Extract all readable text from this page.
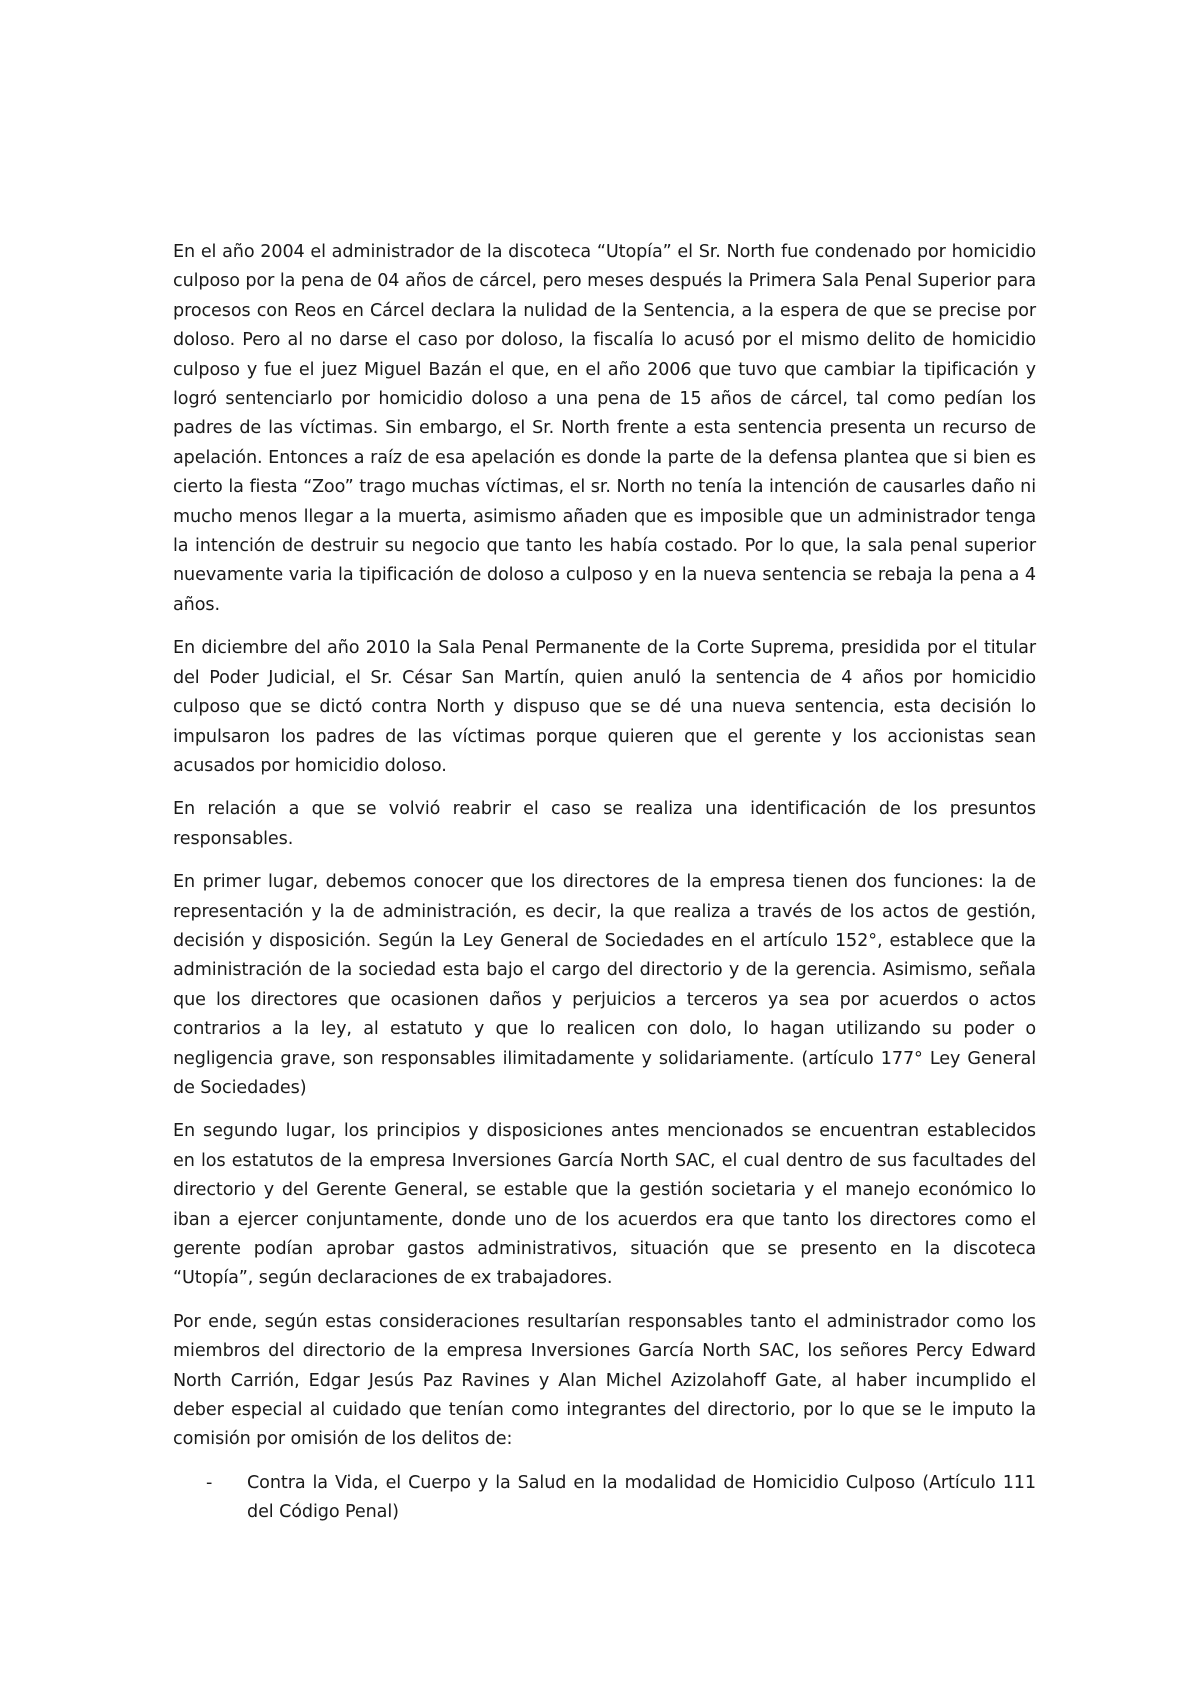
En el año 2004 el administrador de la discoteca “Utopía” el Sr. North fue condenado por homicidio culposo por la pena de 04 años de cárcel, pero meses después la Primera Sala Penal Superior para procesos con Reos en Cárcel declara la nulidad de la Sentencia, a la espera de que se precise por doloso. Pero al no darse el caso por doloso, la fiscalía lo acusó por el mismo delito de homicidio culposo y fue el juez Miguel Bazán el que, en el año 2006 que tuvo que cambiar la tipificación y logró sentenciarlo por homicidio doloso a una pena de 15 años de cárcel, tal como pedían los padres de las víctimas. Sin embargo, el Sr. North frente a esta sentencia presenta un recurso de apelación. Entonces a raíz de esa apelación es donde la parte de la defensa plantea que si bien es cierto la fiesta “Zoo” trago muchas víctimas, el sr. North no tenía la intención de causarles daño ni mucho menos llegar a la muerta, asimismo añaden que es imposible que un administrador tenga la intención de destruir su negocio que tanto les había costado. Por lo que, la sala penal superior nuevamente varia la tipificación de doloso a culposo y en la nueva sentencia se rebaja la pena a 4 años.

En diciembre del año 2010 la Sala Penal Permanente de la Corte Suprema, presidida por el titular del Poder Judicial, el Sr. César San Martín, quien anuló la sentencia de 4 años por homicidio culposo que se dictó contra North y dispuso que se dé una nueva sentencia, esta decisión lo impulsaron los padres de las víctimas porque quieren que el gerente y los accionistas sean acusados por homicidio doloso.

En relación a que se volvió reabrir el caso se realiza una identificación de los presuntos responsables.

En primer lugar, debemos conocer que los directores de la empresa tienen dos funciones: la de representación y la de administración, es decir, la que realiza a través de los actos de gestión, decisión y disposición. Según la Ley General de Sociedades en el artículo 152°, establece que la administración de la sociedad esta bajo el cargo del directorio y de la gerencia. Asimismo, señala que los directores que ocasionen daños y perjuicios a terceros ya sea por acuerdos o actos contrarios a la ley, al estatuto y que lo realicen con dolo, lo hagan utilizando su poder o negligencia grave, son responsables ilimitadamente y solidariamente. (artículo 177° Ley General de Sociedades)

En segundo lugar, los principios y disposiciones antes mencionados se encuentran establecidos en los estatutos de la empresa Inversiones García North SAC, el cual dentro de sus facultades del directorio y del Gerente General, se estable que la gestión societaria y el manejo económico lo iban a ejercer conjuntamente, donde uno de los acuerdos era que tanto los directores como el gerente podían aprobar gastos administrativos, situación que se presento en la discoteca “Utopía”, según declaraciones de ex trabajadores.

Por ende, según estas consideraciones resultarían responsables tanto el administrador como los miembros del directorio de la empresa Inversiones García North SAC, los señores Percy Edward North Carrión, Edgar Jesús Paz Ravines y Alan Michel Azizolahoff Gate, al haber incumplido el deber especial al cuidado que tenían como integrantes del directorio, por lo que se le imputo la comisión por omisión de los delitos de:

- Contra la Vida, el Cuerpo y la Salud en la modalidad de Homicidio Culposo (Artículo 111 del Código Penal)
